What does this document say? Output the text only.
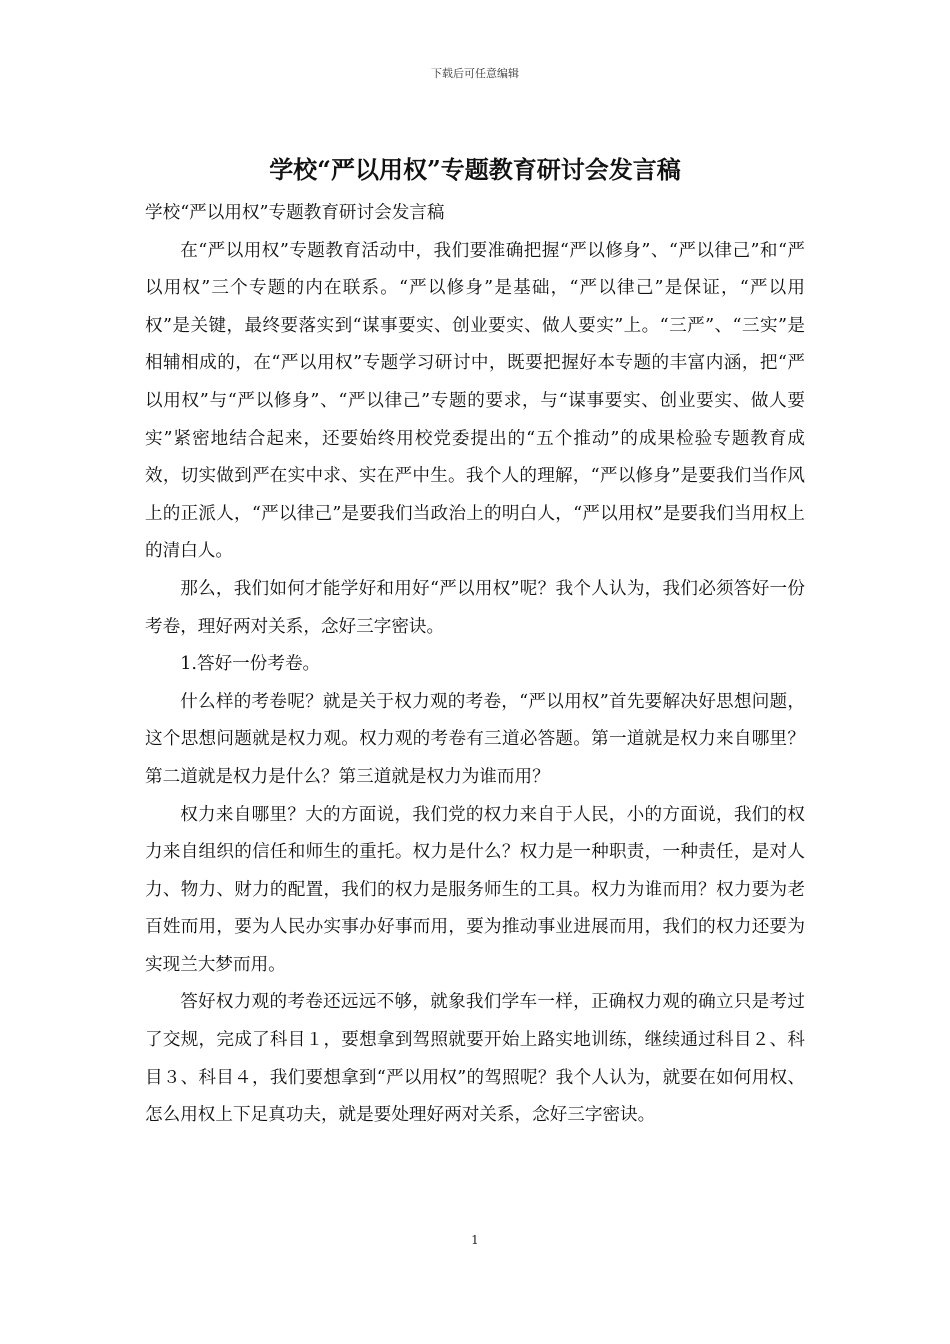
下载后可任意编辑
学校“严以用权”专题教育研讨会发言稿

学校“严以用权”专题教育研讨会发言稿

在“严以用权”专题教育活动中，我们要准确把握“严以修身”、“严以律己”和“严以用权”三个专题的内在联系。“严以修身”是基础，“严以律己”是保证，“严以用权”是关键，最终要落实到“谋事要实、创业要实、做人要实”上。“三严”、“三实”是相辅相成的，在“严以用权”专题学习研讨中，既要把握好本专题的丰富内涵，把“严以用权”与“严以修身”、“严以律己”专题的要求，与“谋事要实、创业要实、做人要实”紧密地结合起来，还要始终用校党委提出的“五个推动”的成果检验专题教育成效，切实做到严在实中求、实在严中生。我个人的理解，“严以修身”是要我们当作风上的正派人，“严以律己”是要我们当政治上的明白人，“严以用权”是要我们当用权上的清白人。

那么，我们如何才能学好和用好“严以用权”呢？我个人认为，我们必须答好一份考卷，理好两对关系，念好三字密诀。

1.答好一份考卷。

什么样的考卷呢？就是关于权力观的考卷，“严以用权”首先要解决好思想问题，这个思想问题就是权力观。权力观的考卷有三道必答题。第一道就是权力来自哪里？第二道就是权力是什么？第三道就是权力为谁而用？

权力来自哪里？大的方面说，我们党的权力来自于人民，小的方面说，我们的权力来自组织的信任和师生的重托。权力是什么？权力是一种职责，一种责任，是对人力、物力、财力的配置，我们的权力是服务师生的工具。权力为谁而用？权力要为老百姓而用，要为人民办实事办好事而用，要为推动事业进展而用，我们的权力还要为实现兰大梦而用。

答好权力观的考卷还远远不够，就象我们学车一样，正确权力观的确立只是考过了交规，完成了科目１，要想拿到驾照就要开始上路实地训练，继续通过科目２、科目３、科目４，我们要想拿到“严以用权”的驾照呢？我个人认为，就要在如何用权、怎么用权上下足真功夫，就是要处理好两对关系，念好三字密诀。

1
